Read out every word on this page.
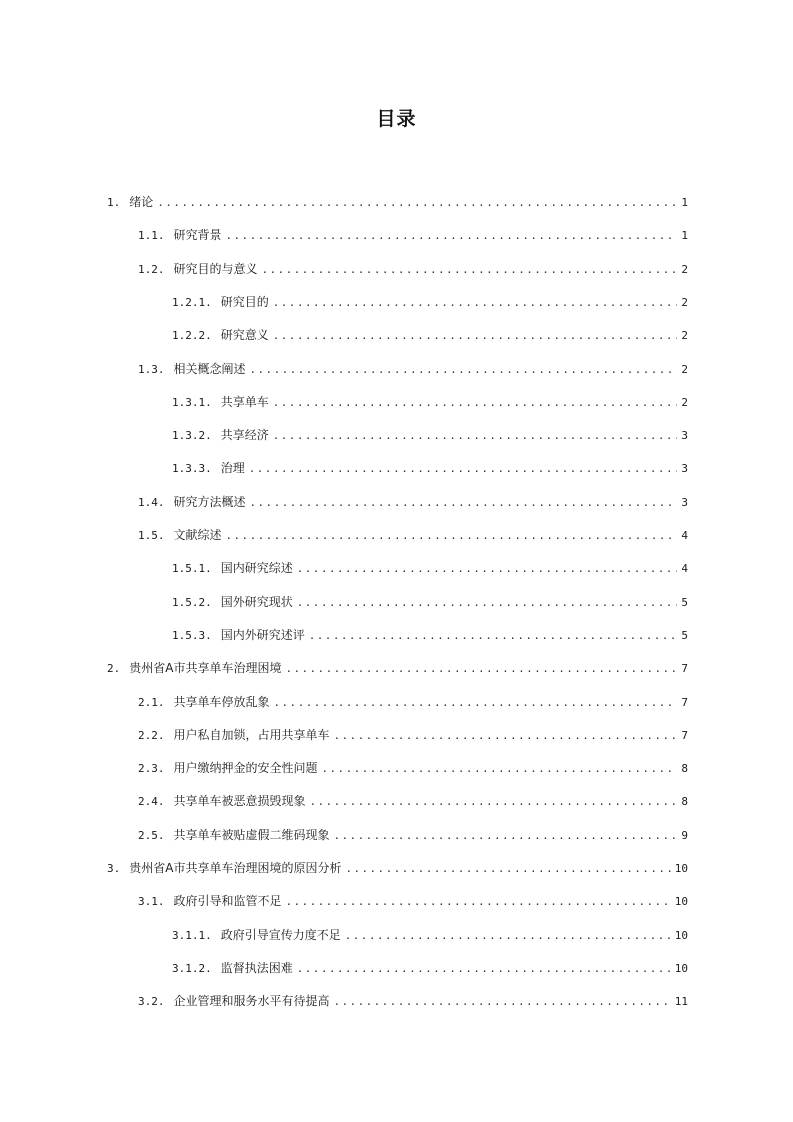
目录
1. 绪论 .....	1
1.1. 研究背景 .....	1
1.2. 研究目的与意义 .....	2
1.2.1. 研究目的 .....	2
1.2.2. 研究意义 .....	2
1.3. 相关概念阐述 .....	2
1.3.1. 共享单车 .....	2
1.3.2. 共享经济 .....	3
1.3.3. 治理 .....	3
1.4. 研究方法概述 .....	3
1.5. 文献综述 .....	4
1.5.1. 国内研究综述 .....	4
1.5.2. 国外研究现状 .....	5
1.5.3. 国内外研究述评 .....	5
2. 贵州省A市共享单车治理困境 .....	7
2.1. 共享单车停放乱象 .....	7
2.2. 用户私自加锁，占用共享单车 .....	7
2.3. 用户缴纳押金的安全性问题 .....	8
2.4. 共享单车被恶意损毁现象 .....	8
2.5. 共享单车被贴虚假二维码现象 .....	9
3. 贵州省A市共享单车治理困境的原因分析 .....	10
3.1. 政府引导和监管不足 .....	10
3.1.1. 政府引导宣传力度不足 .....	10
3.1.2. 监督执法困难 .....	10
3.2. 企业管理和服务水平有待提高 .....	11
